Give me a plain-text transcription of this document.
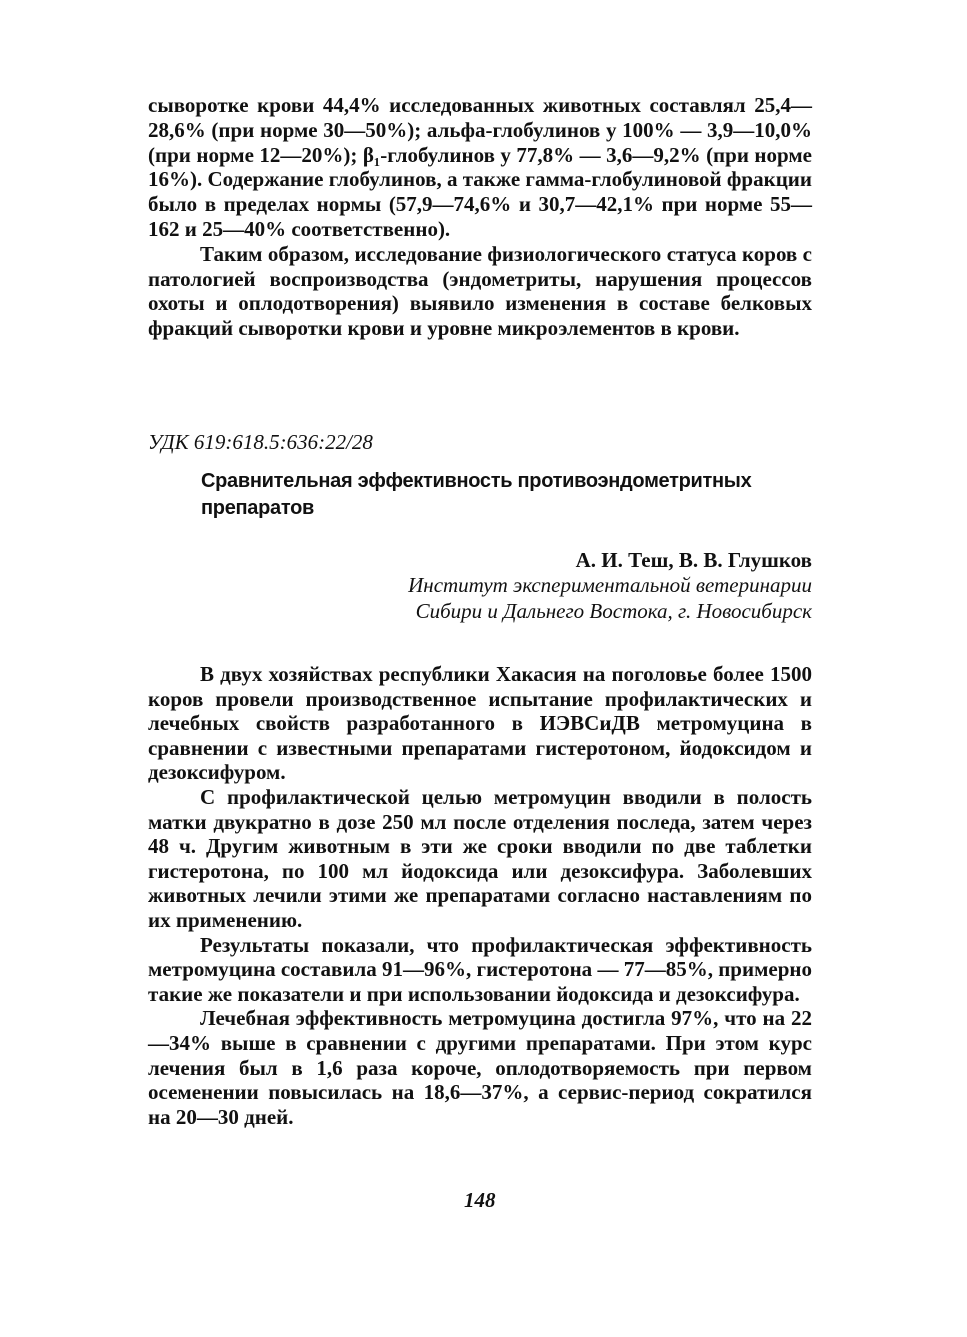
сыворотке крови 44,4% исследованных животных составлял 25,4—28,6% (при норме 30—50%); альфа-глобулинов у 100% — 3,9—10,0% (при норме 12—20%); β₁-глобулинов у 77,8% — 3,6—9,2% (при норме 16%). Содержание глобулинов, а также гамма-глобулиновой фракции было в пределах нормы (57,9—74,6% и 30,7—42,1% при норме 55—162 и 25—40% соответственно).

Таким образом, исследование физиологического статуса коров с патологией воспроизводства (эндометриты, нарушения процессов охоты и оплодотворения) выявило изменения в составе белковых фракций сыворотки крови и уровне микроэлементов в крови.

УДК 619:618.5:636:22/28

Сравнительная эффективность противоэндометритных препаратов

А. И. Теш, В. В. Глушков

Институт экспериментальной ветеринарии
Сибири и Дальнего Востока, г. Новосибирск

В двух хозяйствах республики Хакасия на поголовье более 1500 коров провели производственное испытание профилактических и лечебных свойств разработанного в ИЭВСиДВ метромуцина в сравнении с известными препаратами гистеротоном, йодоксидом и дезоксифуром.

С профилактической целью метромуцин вводили в полость матки двукратно в дозе 250 мл после отделения последа, затем через 48 ч. Другим животным в эти же сроки вводили по две таблетки гистеротона, по 100 мл йодоксида или дезоксифура. Заболевших животных лечили этими же препаратами согласно наставлениям по их применению.

Результаты показали, что профилактическая эффективность метромуцина составила 91—96%, гистеротона — 77—85%, примерно такие же показатели и при использовании йодоксида и дезоксифура.

Лечебная эффективность метромуцина достигла 97%, что на 22—34% выше в сравнении с другими препаратами. При этом курс лечения был в 1,6 раза короче, оплодотворяемость при первом осеменении повысилась на 18,6—37%, а сервис-период сократился на 20—30 дней.

148
